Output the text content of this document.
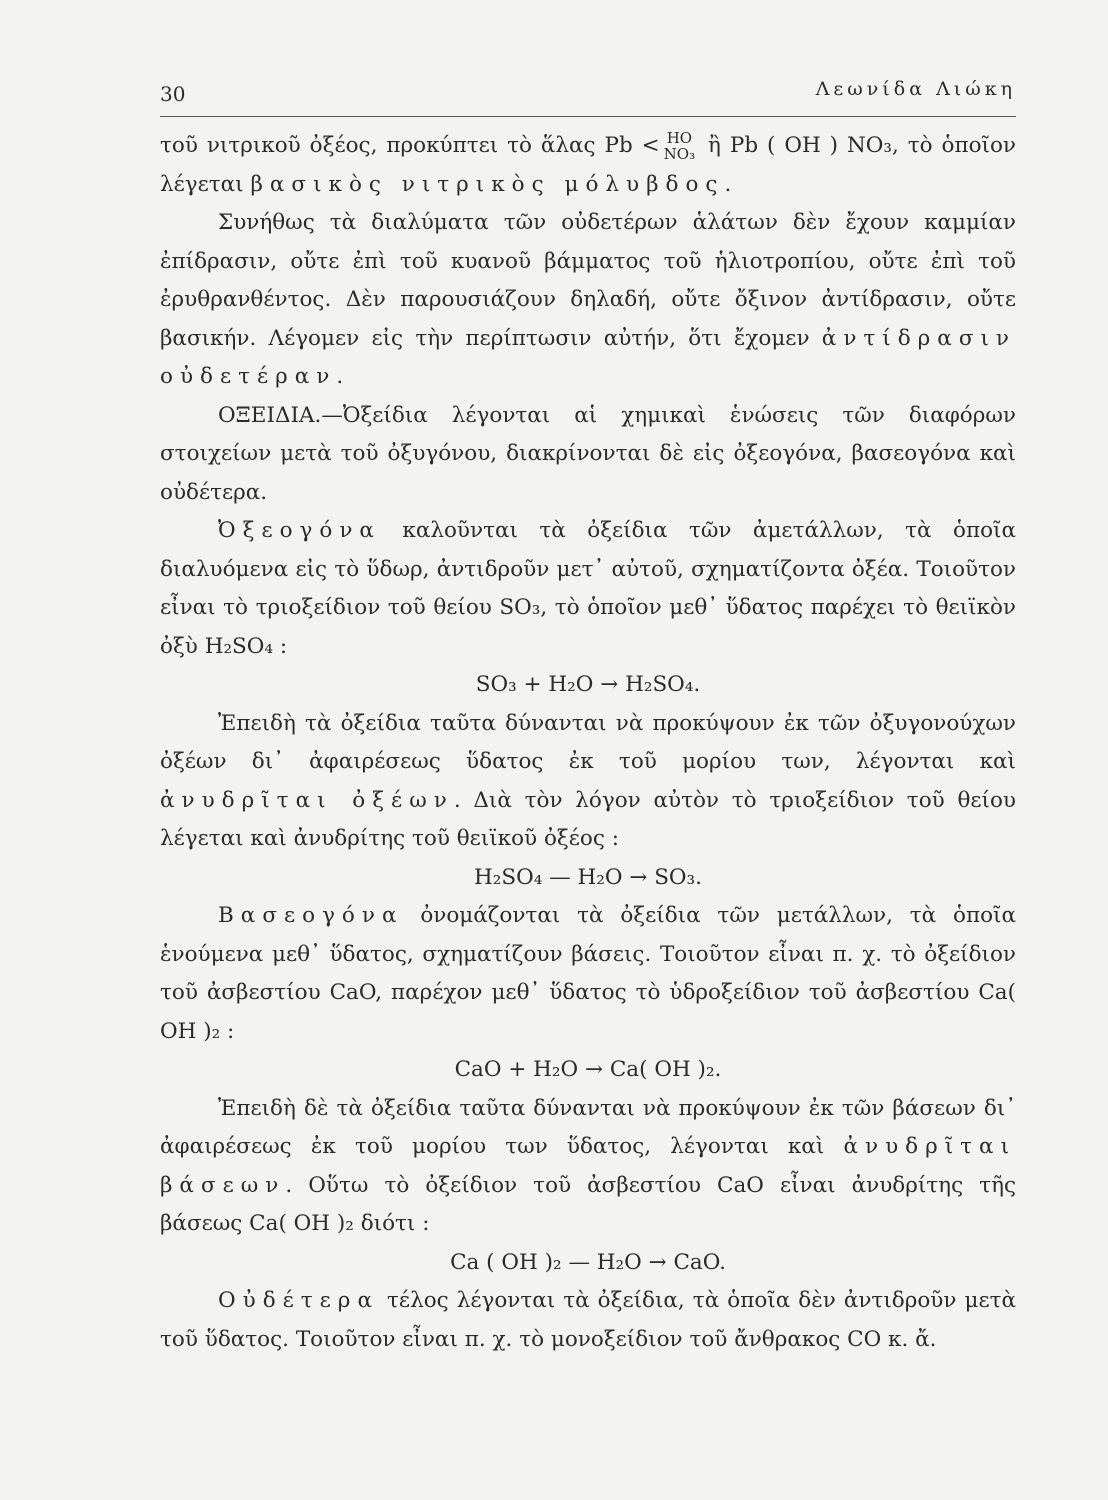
30	Λεωνίδα Λιώκη

τοῦ νιτρικοῦ ὀξέος, προκύπτει τὸ ἅλας Pb < HO
NO₃ ἢ Pb ( OH ) NO₃, τὸ ὁποῖον λέγεται βασικὸς νιτρικὸς μόλυβδος.

Συνήθως τὰ διαλύματα τῶν οὐδετέρων ἁλάτων δὲν ἔχουν καμμίαν ἐπίδρασιν, οὔτε ἐπὶ τοῦ κυανοῦ βάμματος τοῦ ἡλιοτροπίου, οὔτε ἐπὶ τοῦ ἐρυθρανθέντος. Δὲν παρουσιάζουν δηλαδή, οὔτε ὄξινον ἀντίδρασιν, οὔτε βασικήν. Λέγομεν εἰς τὴν περίπτωσιν αὐτήν, ὅτι ἔχομεν ἀντίδρασιν οὐδετέραν.

ΟΞΕΙΔΙΑ.—Ὀξείδια λέγονται αἱ χημικαὶ ἑνώσεις τῶν διαφόρων στοιχείων μετὰ τοῦ ὀξυγόνου, διακρίνονται δὲ εἰς ὀξεογόνα, βασεογόνα καὶ οὐδέτερα.

Ὀξεογόνα καλοῦνται τὰ ὀξείδια τῶν ἀμετάλλων, τὰ ὁποῖα διαλυόμενα εἰς τὸ ὕδωρ, ἀντιδροῦν μετ᾿ αὐτοῦ, σχηματίζοντα ὀξέα. Τοιοῦτον εἶναι τὸ τριοξείδιον τοῦ θείου SO₃, τὸ ὁποῖον μεθ᾿ ὕδατος παρέχει τὸ θειϊκὸν ὀξὺ H₂SO₄ :

SO₃ + H₂O → H₂SO₄.

Ἐπειδὴ τὰ ὀξείδια ταῦτα δύνανται νὰ προκύψουν ἐκ τῶν ὀξυγονούχων ὀξέων δι᾿ ἀφαιρέσεως ὕδατος ἐκ τοῦ μορίου των, λέγονται καὶ ἀνυδρῖται ὀξέων. Διὰ τὸν λόγον αὐτὸν τὸ τριοξείδιον τοῦ θείου λέγεται καὶ ἀνυδρίτης τοῦ θειϊκοῦ ὀξέος :

H₂SO₄ — H₂O → SO₃.

Βασεογόνα ὀνομάζονται τὰ ὀξείδια τῶν μετάλλων, τὰ ὁποῖα ἑνούμενα μεθ᾿ ὕδατος, σχηματίζουν βάσεις. Τοιοῦτον εἶναι π. χ. τὸ ὀξείδιον τοῦ ἀσβεστίου CaO, παρέχον μεθ᾿ ὕδατος τὸ ὑδροξείδιον τοῦ ἀσβεστίου Ca( OH )₂ :

CaO + H₂O → Ca( OH )₂.

Ἐπειδὴ δὲ τὰ ὀξείδια ταῦτα δύνανται νὰ προκύψουν ἐκ τῶν βάσεων δι᾿ ἀφαιρέσεως ἐκ τοῦ μορίου των ὕδατος, λέγονται καὶ ἀνυδρῖται βάσεων. Οὕτω τὸ ὀξείδιον τοῦ ἀσβεστίου CaO εἶναι ἀνυδρίτης τῆς βάσεως Ca( OH )₂ διότι :

Ca ( OH )₂ — H₂O → CaO.

Οὐδέτερα τέλος λέγονται τὰ ὀξείδια, τὰ ὁποῖα δὲν ἀντιδροῦν μετὰ τοῦ ὕδατος. Τοιοῦτον εἶναι π. χ. τὸ μονοξείδιον τοῦ ἄνθρακος CO κ. ἄ.
